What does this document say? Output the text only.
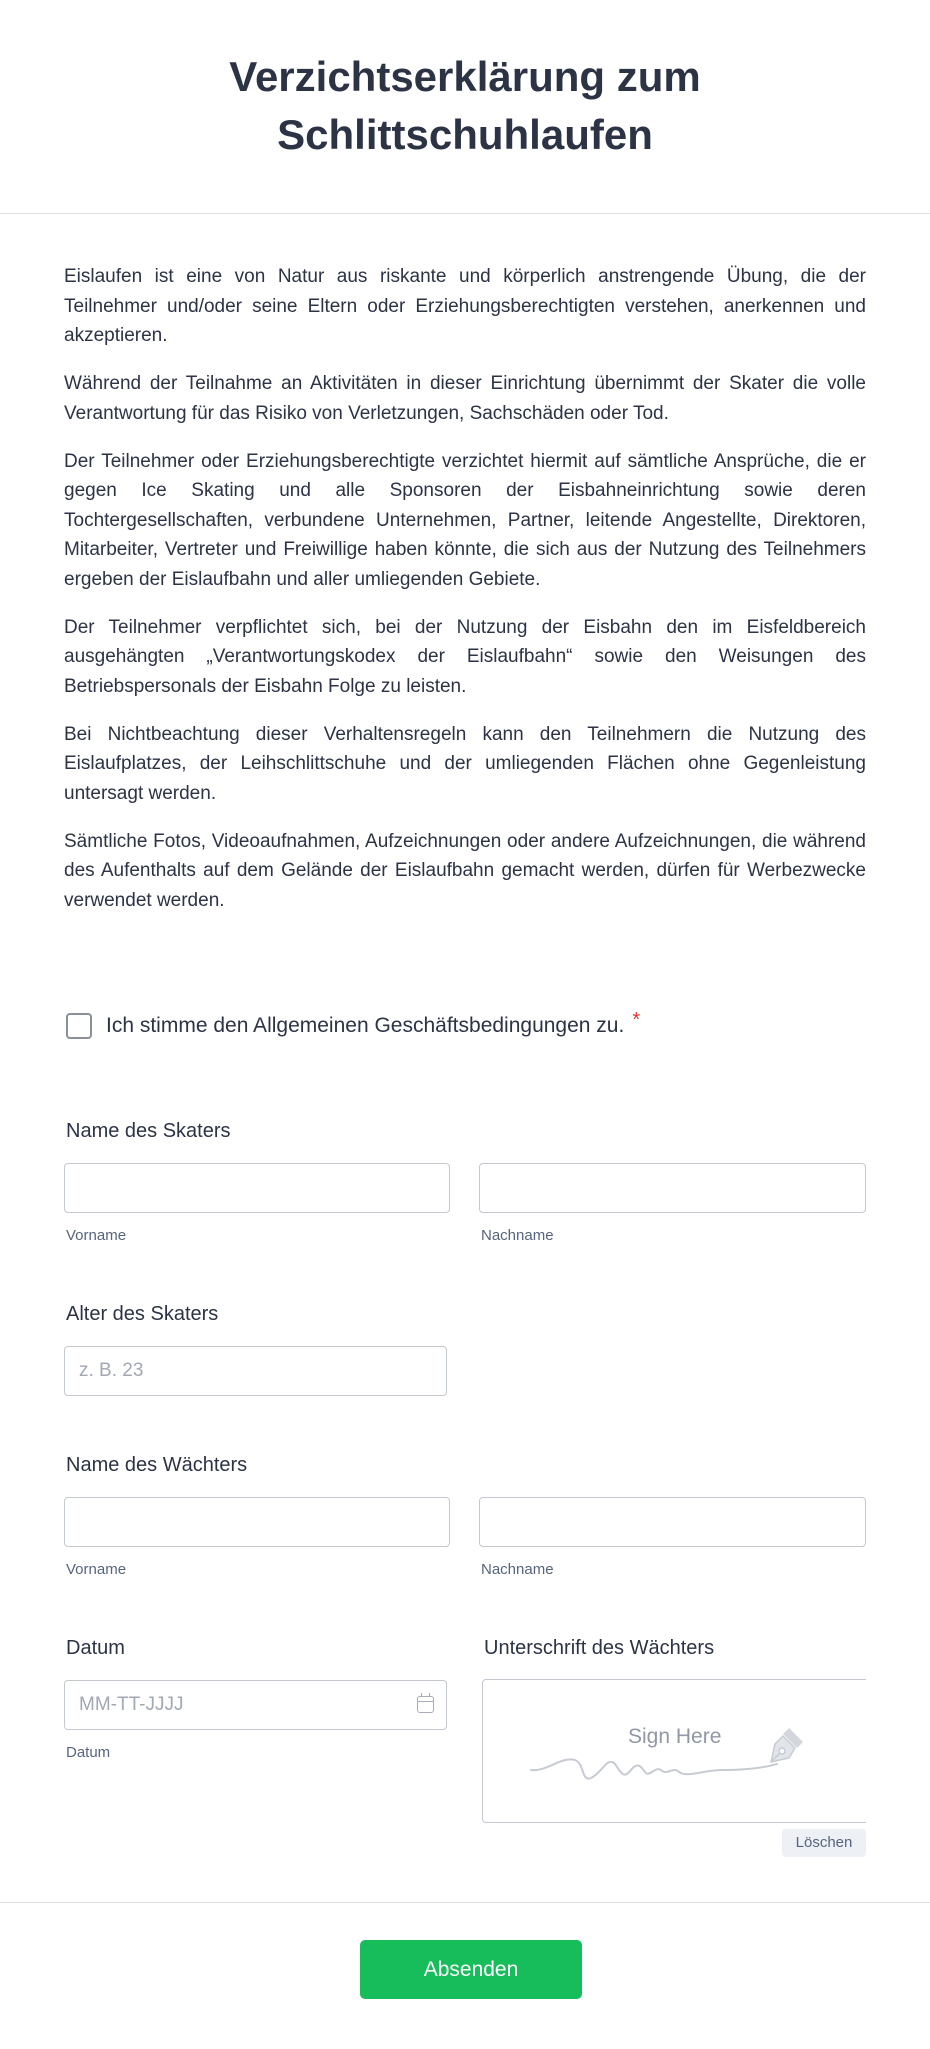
Verzichtserklärung zum Schlittschuhlaufen

Eislaufen ist eine von Natur aus riskante und körperlich anstrengende Übung, die der Teilnehmer und/oder seine Eltern oder Erziehungsberechtigten verstehen, anerkennen und akzeptieren.

Während der Teilnahme an Aktivitäten in dieser Einrichtung übernimmt der Skater die volle Verantwortung für das Risiko von Verletzungen, Sachschäden oder Tod.

Der Teilnehmer oder Erziehungsberechtigte verzichtet hiermit auf sämtliche Ansprüche, die er gegen Ice Skating und alle Sponsoren der Eisbahneinrichtung sowie deren Tochtergesellschaften, verbundene Unternehmen, Partner, leitende Angestellte, Direktoren, Mitarbeiter, Vertreter und Freiwillige haben könnte, die sich aus der Nutzung des Teilnehmers ergeben der Eislaufbahn und aller umliegenden Gebiete.

Der Teilnehmer verpflichtet sich, bei der Nutzung der Eisbahn den im Eisfeldbereich ausgehängten „Verantwortungskodex der Eislaufbahn“ sowie den Weisungen des Betriebspersonals der Eisbahn Folge zu leisten.

Bei Nichtbeachtung dieser Verhaltensregeln kann den Teilnehmern die Nutzung des Eislaufplatzes, der Leihschlittschuhe und der umliegenden Flächen ohne Gegenleistung untersagt werden.

Sämtliche Fotos, Videoaufnahmen, Aufzeichnungen oder andere Aufzeichnungen, die während des Aufenthalts auf dem Gelände der Eislaufbahn gemacht werden, dürfen für Werbezwecke verwendet werden.

Ich stimme den Allgemeinen Geschäftsbedingungen zu. *
Name des Skaters
Vorname	Nachname
Alter des Skaters
z. B. 23
Name des Wächters
Vorname	Nachname
Datum
MM-TT-JJJJ
Datum
Unterschrift des Wächters
Sign Here
Löschen
Absenden
